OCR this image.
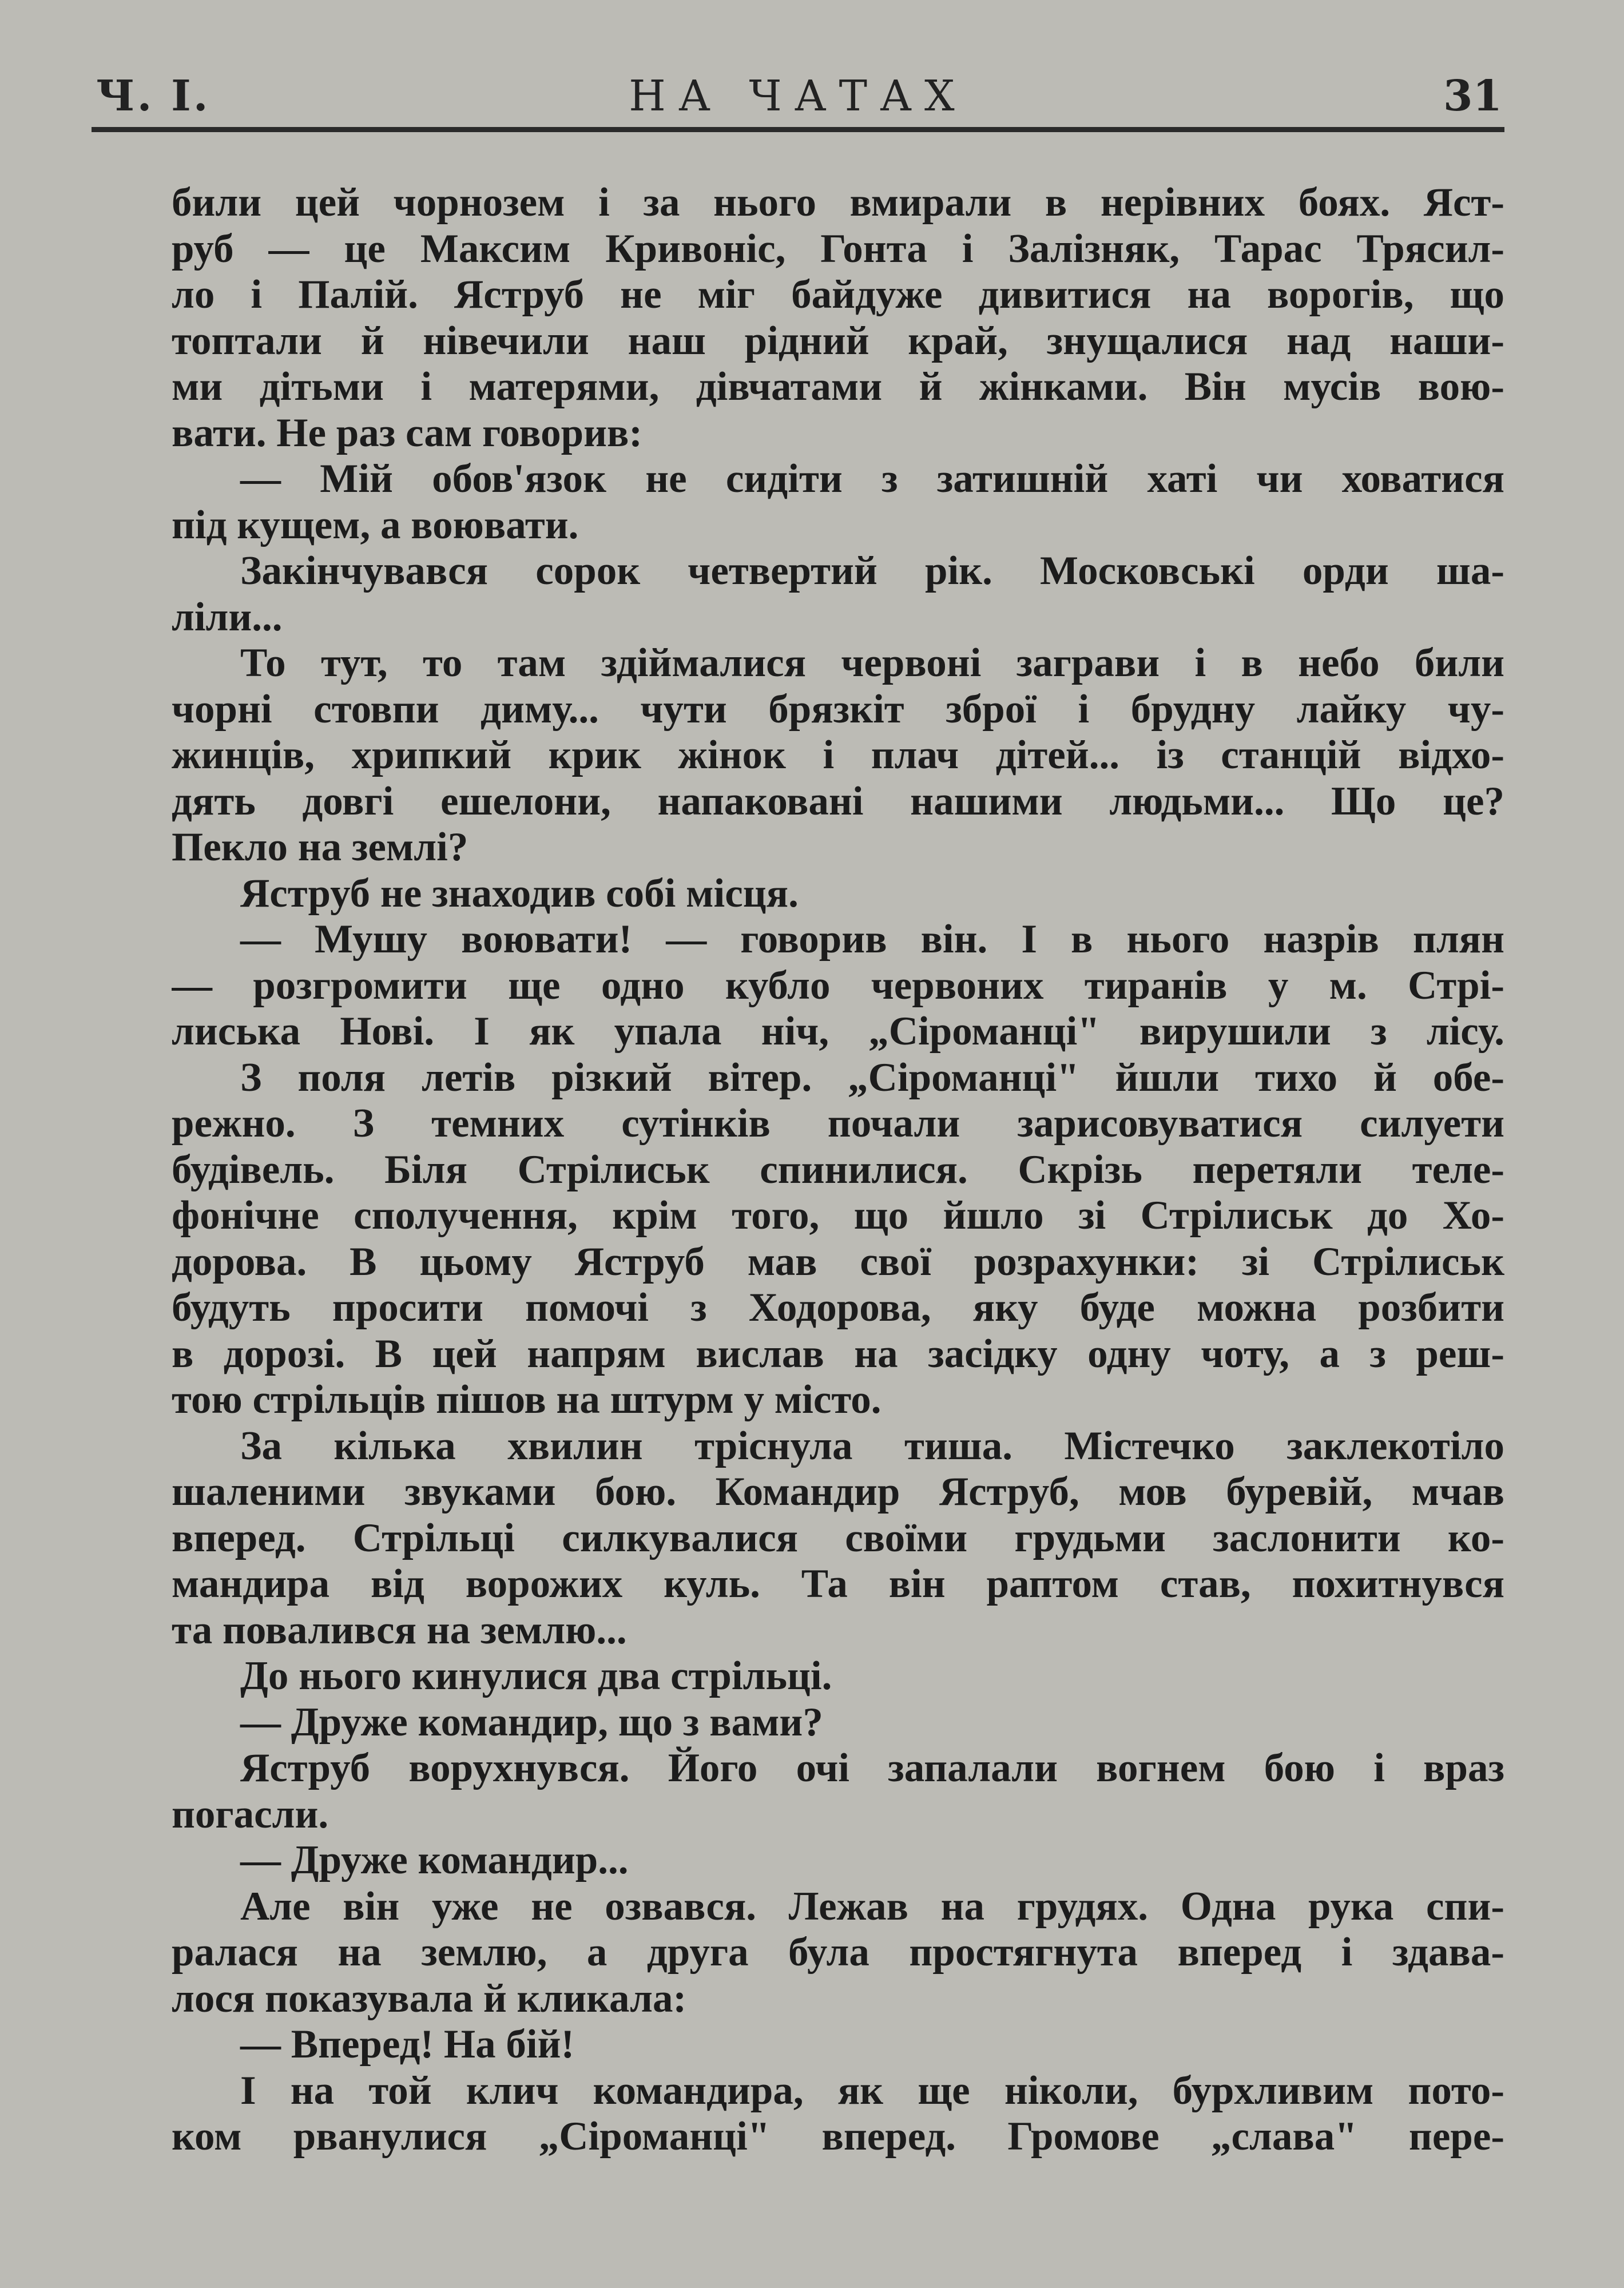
Ч. І.	НА ЧАТАХ	31
били цей чорнозем і за нього вмирали в нерівних боях. Яст-
руб — це Максим Кривоніс, Гонта і Залізняк, Тарас Трясил-
ло і Палій. Яструб не міг байдуже дивитися на ворогів, що
топтали й нівечили наш рідний край, знущалися над наши-
ми дітьми і матерями, дівчатами й жінками. Він мусів вою-
вати. Не раз сам говорив:
— Мій обов'язок не сидіти з затишній хаті чи ховатися
під кущем, а воювати.
Закінчувався сорок четвертий рік. Московські орди ша-
ліли...
То тут, то там здіймалися червоні заграви і в небо били
чорні стовпи диму... чути брязкіт зброї і брудну лайку чу-
жинців, хрипкий крик жінок і плач дітей... із станцій відхо-
дять довгі ешелони, напаковані нашими людьми... Що це?
Пекло на землі?
Яструб не знаходив собі місця.
— Мушу воювати! — говорив він. І в нього назрів плян
— розгромити ще одно кубло червоних тиранів у м. Стрі-
лиська Нові. І як упала ніч, „Сіроманці" вирушили з лісу.
З поля летів різкий вітер. „Сіроманці" йшли тихо й обе-
режно. З темних сутінків почали зарисовуватися силуети
будівель. Біля Стрілиськ спинилися. Скрізь перетяли теле-
фонічне сполучення, крім того, що йшло зі Стрілиськ до Хо-
дорова. В цьому Яструб мав свої розрахунки: зі Стрілиськ
будуть просити помочі з Ходорова, яку буде можна розбити
в дорозі. В цей напрям вислав на засідку одну чоту, а з реш-
тою стрільців пішов на штурм у місто.
За кілька хвилин тріснула тиша. Містечко заклекотіло
шаленими звуками бою. Командир Яструб, мов буревій, мчав
вперед. Стрільці силкувалися своїми грудьми заслонити ко-
мандира від ворожих куль. Та він раптом став, похитнувся
та повалився на землю...
До нього кинулися два стрільці.
— Друже командир, що з вами?
Яструб ворухнувся. Його очі запалали вогнем бою і враз
погасли.
— Друже командир...
Але він уже не озвався. Лежав на грудях. Одна рука спи-
ралася на землю, а друга була простягнута вперед і здава-
лося показувала й кликала:
— Вперед! На бій!
І на той клич командира, як ще ніколи, бурхливим пото-
ком рванулися „Сіроманці" вперед. Громове „слава" пере-
